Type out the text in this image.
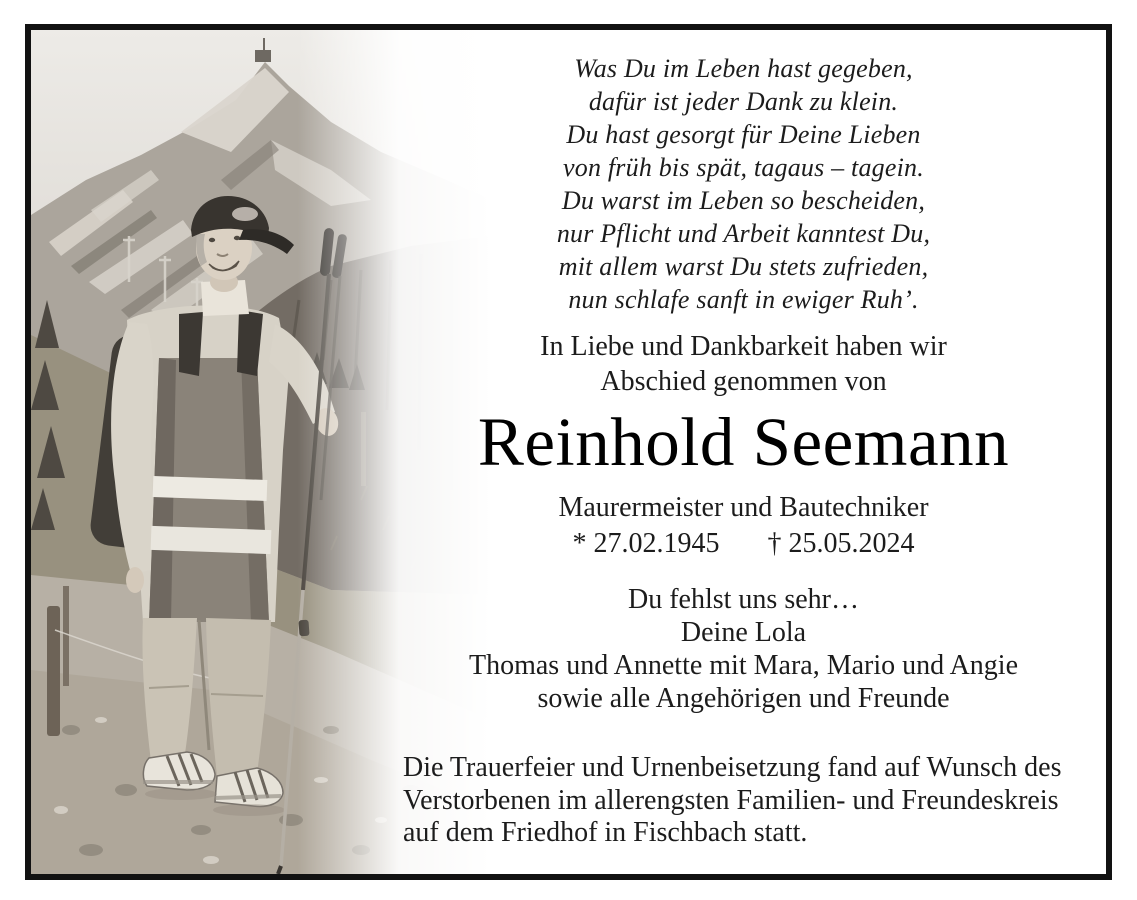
Was Du im Leben hast gegeben,
dafür ist jeder Dank zu klein.
Du hast gesorgt für Deine Lieben
von früh bis spät, tagaus – tagein.
Du warst im Leben so bescheiden,
nur Pflicht und Arbeit kanntest Du,
mit allem warst Du stets zufrieden,
nun schlafe sanft in ewiger Ruh’.
In Liebe und Dankbarkeit haben wir
Abschied genommen von
Reinhold Seemann
Maurermeister und Bautechniker
* 27.02.1945 † 25.05.2024
Du fehlst uns sehr…
Deine Lola
Thomas und Annette mit Mara, Mario und Angie
sowie alle Angehörigen und Freunde
Die Trauerfeier und Urnenbeisetzung fand auf Wunsch des
Verstorbenen im allerengsten Familien- und Freundeskreis
auf dem Friedhof in Fischbach statt.
